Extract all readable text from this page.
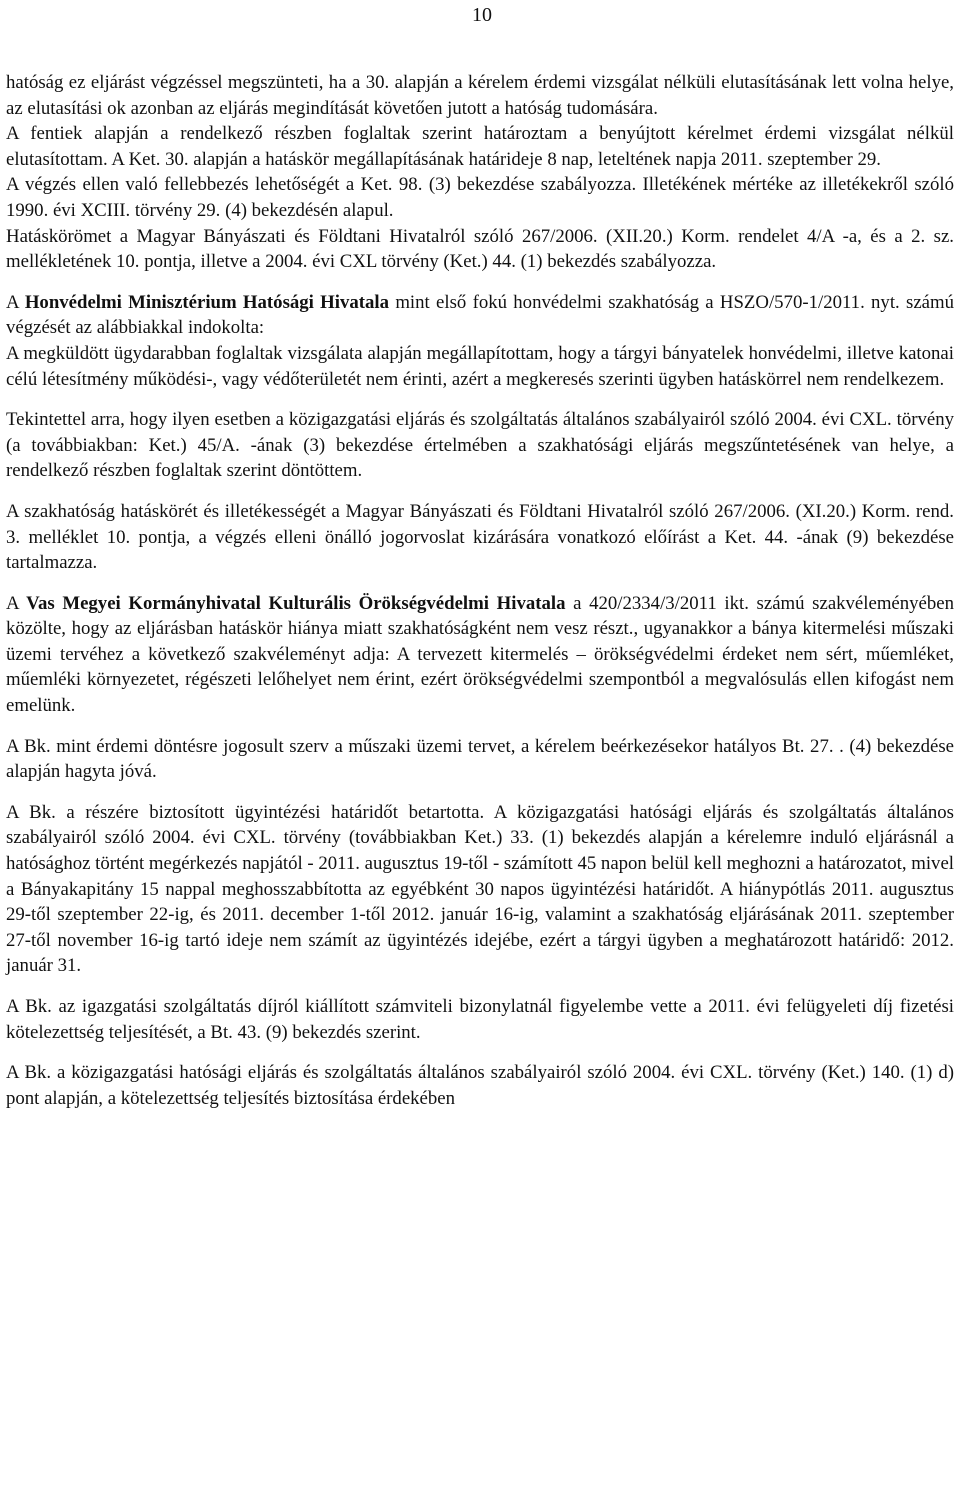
10

hatóság ez eljárást végzéssel megszünteti, ha a 30. alapján a kérelem érdemi vizsgálat nélküli elutasításának lett volna helye, az elutasítási ok azonban az eljárás megindítását követően jutott a hatóság tudomására.

A fentiek alapján a rendelkező részben foglaltak szerint határoztam a benyújtott kérelmet érdemi vizsgálat nélkül elutasítottam. A Ket. 30. alapján a hatáskör megállapításának határideje 8 nap, leteltének napja 2011. szeptember 29.

A végzés ellen való fellebbezés lehetőségét a Ket. 98. (3) bekezdése szabályozza. Illetékének mértéke az illetékekről szóló 1990. évi XCIII. törvény 29. (4) bekezdésén alapul.

Hatáskörömet a Magyar Bányászati és Földtani Hivatalról szóló 267/2006. (XII.20.) Korm. rendelet 4/A -a, és a 2. sz. mellékletének 10. pontja, illetve a 2004. évi CXL törvény (Ket.) 44. (1) bekezdés szabályozza.

A Honvédelmi Minisztérium Hatósági Hivatala mint első fokú honvédelmi szakhatóság a HSZO/570-1/2011. nyt. számú végzését az alábbiakkal indokolta:

A megküldött ügydarabban foglaltak vizsgálata alapján megállapítottam, hogy a tárgyi bányatelek honvédelmi, illetve katonai célú létesítmény működési-, vagy védőterületét nem érinti, azért a megkeresés szerinti ügyben hatáskörrel nem rendelkezem.

Tekintettel arra, hogy ilyen esetben a közigazgatási eljárás és szolgáltatás általános szabályairól szóló 2004. évi CXL. törvény (a továbbiakban: Ket.) 45/A. -ának (3) bekezdése értelmében a szakhatósági eljárás megszűntetésének van helye, a rendelkező részben foglaltak szerint döntöttem.

A szakhatóság hatáskörét és illetékességét a Magyar Bányászati és Földtani Hivatalról szóló 267/2006. (XI.20.) Korm. rend. 3. melléklet 10. pontja, a végzés elleni önálló jogorvoslat kizárására vonatkozó előírást a Ket. 44. -ának (9) bekezdése tartalmazza.

A Vas Megyei Kormányhivatal Kulturális Örökségvédelmi Hivatala a 420/2334/3/2011 ikt. számú szakvéleményében közölte, hogy az eljárásban hatáskör hiánya miatt szakhatóságként nem vesz részt., ugyanakkor a bánya kitermelési műszaki üzemi tervéhez a következő szakvéleményt adja: A tervezett kitermelés – örökségvédelmi érdeket nem sért, műemléket, műemléki környezetet, régészeti lelőhelyet nem érint, ezért örökségvédelmi szempontból a megvalósulás ellen kifogást nem emelünk.

A Bk. mint érdemi döntésre jogosult szerv a műszaki üzemi tervet, a kérelem beérkezésekor hatályos Bt. 27. . (4) bekezdése alapján hagyta jóvá.

A Bk. a részére biztosított ügyintézési határidőt betartotta. A közigazgatási hatósági eljárás és szolgáltatás általános szabályairól szóló 2004. évi CXL. törvény (továbbiakban Ket.) 33. (1) bekezdés alapján a kérelemre induló eljárásnál a hatósághoz történt megérkezés napjától - 2011. augusztus 19-től - számított 45 napon belül kell meghozni a határozatot, mivel a Bányakapitány 15 nappal meghosszabbította az egyébként 30 napos ügyintézési határidőt. A hiánypótlás 2011. augusztus 29-től szeptember 22-ig, és 2011. december 1-től 2012. január 16-ig, valamint a szakhatóság eljárásának 2011. szeptember 27-től november 16-ig tartó ideje nem számít az ügyintézés idejébe, ezért a tárgyi ügyben a meghatározott határidő: 2012. január 31.

A Bk. az igazgatási szolgáltatás díjról kiállított számviteli bizonylatnál figyelembe vette a 2011. évi felügyeleti díj fizetési kötelezettség teljesítését, a Bt. 43. (9) bekezdés szerint.

A Bk. a közigazgatási hatósági eljárás és szolgáltatás általános szabályairól szóló 2004. évi CXL. törvény (Ket.) 140. (1) d) pont alapján, a kötelezettség teljesítés biztosítása érdekében
